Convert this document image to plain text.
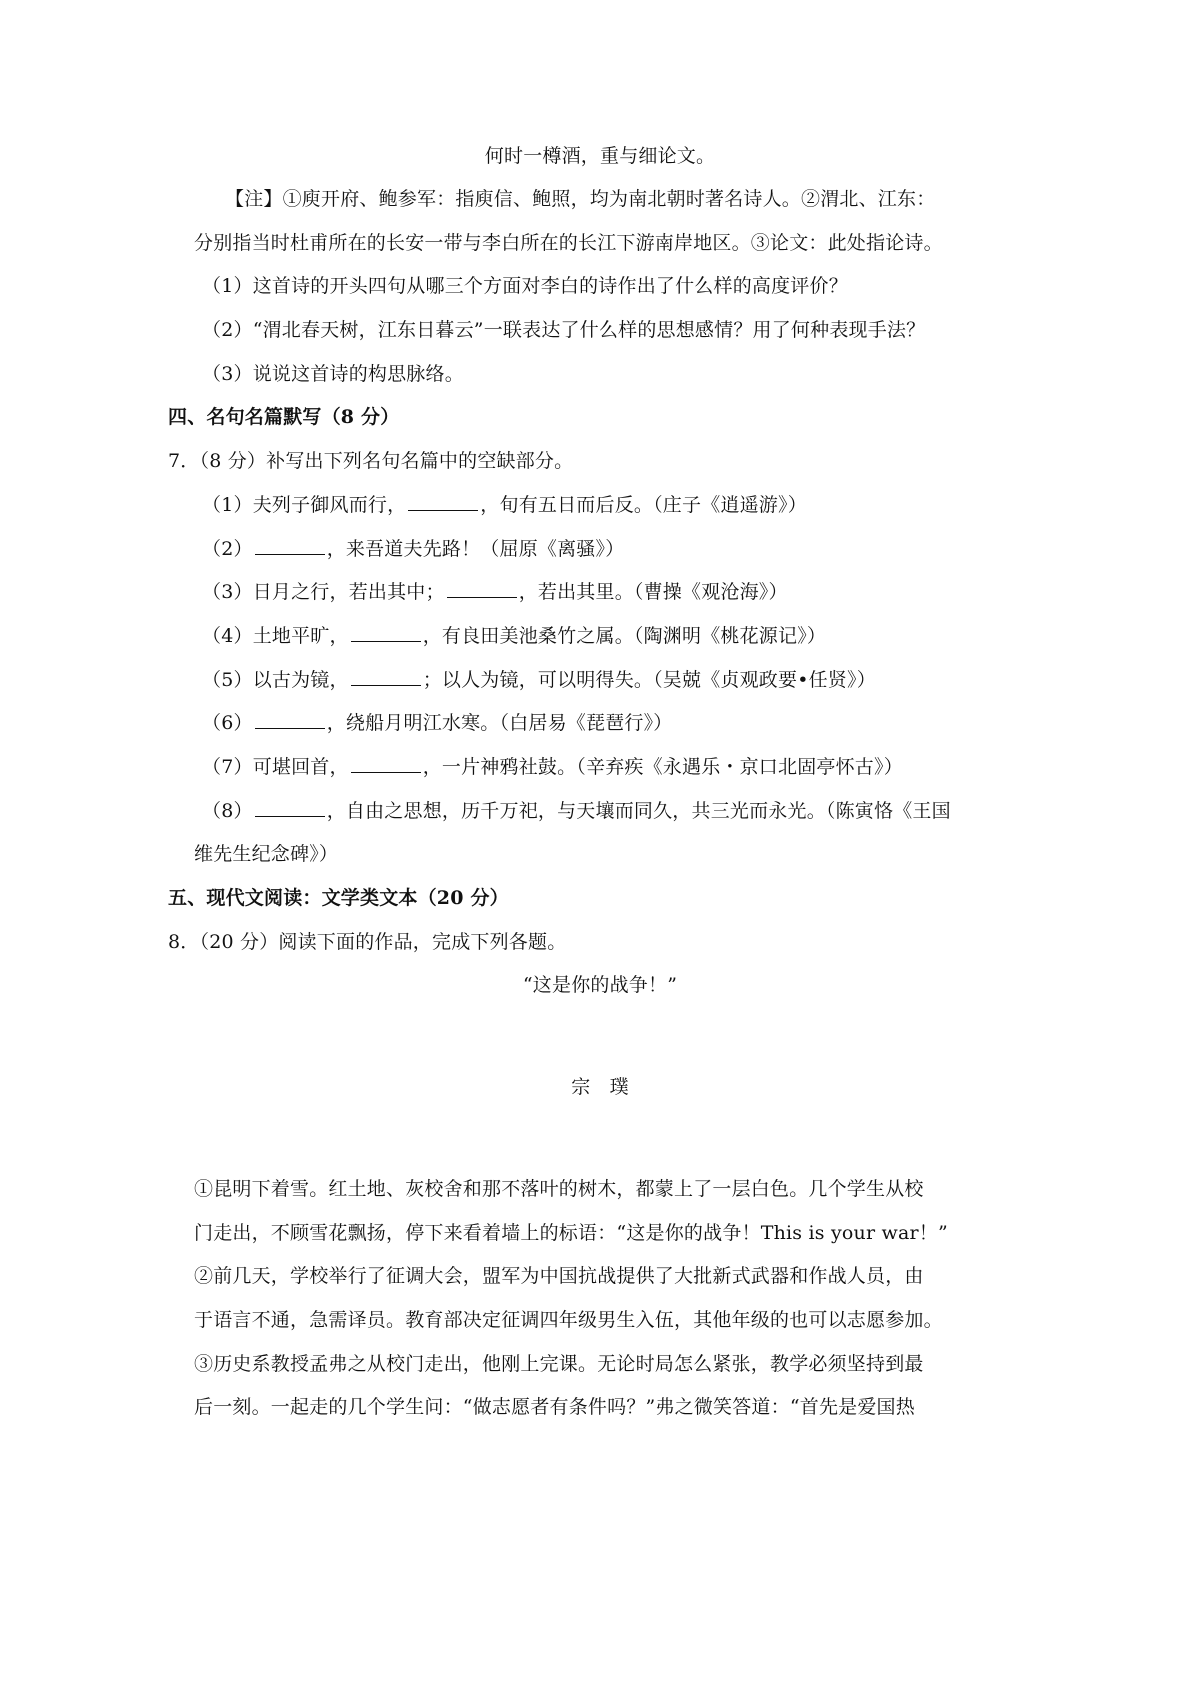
何时一樽酒，重与细论文。
【注】①庾开府、鲍参军：指庾信、鲍照，均为南北朝时著名诗人。②渭北、江东：
分别指当时杜甫所在的长安一带与李白所在的长江下游南岸地区。③论文：此处指论诗。
（1）这首诗的开头四句从哪三个方面对李白的诗作出了什么样的高度评价？
（2）“渭北春天树，江东日暮云”一联表达了什么样的思想感情？用了何种表现手法？
（3）说说这首诗的构思脉络。
四、名句名篇默写（8 分）
7．（8 分）补写出下列名句名篇中的空缺部分。
（1）夫列子御风而行，	，旬有五日而后反。（庄子《逍遥游》）
（2）	，来吾道夫先路！（屈原《离骚》）
（3）日月之行，若出其中；	，若出其里。（曹操《观沧海》）
（4）土地平旷，	，有良田美池桑竹之属。（陶渊明《桃花源记》）
（5）以古为镜，	；以人为镜，可以明得失。（吴兢《贞观政要•任贤》）
（6）	，绕船月明江水寒。（白居易《琵琶行》）
（7）可堪回首，	，一片神鸦社鼓。（辛弃疾《永遇乐・京口北固亭怀古》）
（8）	，自由之思想，历千万祀，与天壤而同久，共三光而永光。（陈寅恪《王国
维先生纪念碑》）
五、现代文阅读：文学类文本（20 分）
8．（20 分）阅读下面的作品，完成下列各题。
“这是你的战争！”
宗　璞
①昆明下着雪。红土地、灰校舍和那不落叶的树木，都蒙上了一层白色。几个学生从校
门走出，不顾雪花飘扬，停下来看着墙上的标语：“这是你的战争！This is your war！”
②前几天，学校举行了征调大会，盟军为中国抗战提供了大批新式武器和作战人员，由
于语言不通，急需译员。教育部决定征调四年级男生入伍，其他年级的也可以志愿参加。
③历史系教授孟弗之从校门走出，他刚上完课。无论时局怎么紧张，教学必须坚持到最
后一刻。一起走的几个学生问：“做志愿者有条件吗？”弗之微笑答道：“首先是爱国热
